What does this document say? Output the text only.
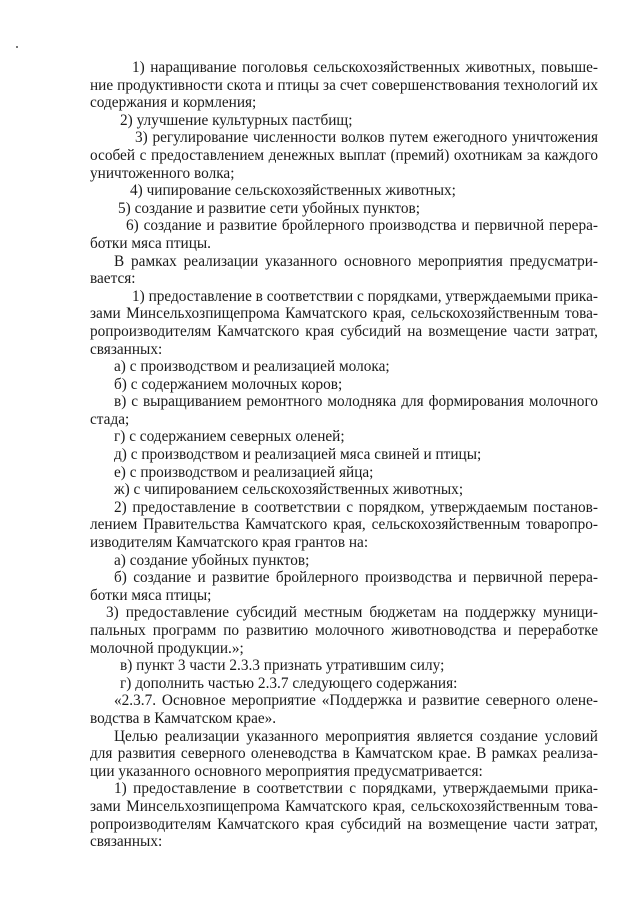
1) наращивание поголовья сельскохозяйственных животных, повыше-
ние продуктивности скота и птицы за счет совершенствования технологий их
содержания и кормления;
2) улучшение культурных пастбищ;
3) регулирование численности волков путем ежегодного уничтожения
особей с предоставлением денежных выплат (премий) охотникам за каждого
уничтоженного волка;
4) чипирование сельскохозяйственных животных;
5) создание и развитие сети убойных пунктов;
6) создание и развитие бройлерного производства и первичной перера-
ботки мяса птицы.
В рамках реализации указанного основного мероприятия предусматри-
вается:
1) предоставление в соответствии с порядками, утверждаемыми прика-
зами Минсельхозпищепрома Камчатского края, сельскохозяйственным това-
ропроизводителям Камчатского края субсидий на возмещение части затрат,
связанных:
а) с производством и реализацией молока;
б) с содержанием молочных коров;
в) с выращиванием ремонтного молодняка для формирования молочного
стада;
г) с содержанием северных оленей;
д) с производством и реализацией мяса свиней и птицы;
е) с производством и реализацией яйца;
ж) с чипированием сельскохозяйственных животных;
2) предоставление в соответствии с порядком, утверждаемым постанов-
лением Правительства Камчатского края, сельскохозяйственным товаропро-
изводителям Камчатского края грантов на:
а) создание убойных пунктов;
б) создание и развитие бройлерного производства и первичной перера-
ботки мяса птицы;
3) предоставление субсидий местным бюджетам на поддержку муници-
пальных программ по развитию молочного животноводства и переработке
молочной продукции.»;
в) пункт 3 части 2.3.3 признать утратившим силу;
г) дополнить частью 2.3.7 следующего содержания:
«2.3.7. Основное мероприятие «Поддержка и развитие северного олене-
водства в Камчатском крае».
Целью реализации указанного мероприятия является создание условий
для развития северного оленеводства в Камчатском крае. В рамках реализа-
ции указанного основного мероприятия предусматривается:
1) предоставление в соответствии с порядками, утверждаемыми прика-
зами Минсельхозпищепрома Камчатского края, сельскохозяйственным това-
ропроизводителям Камчатского края субсидий на возмещение части затрат,
связанных:
